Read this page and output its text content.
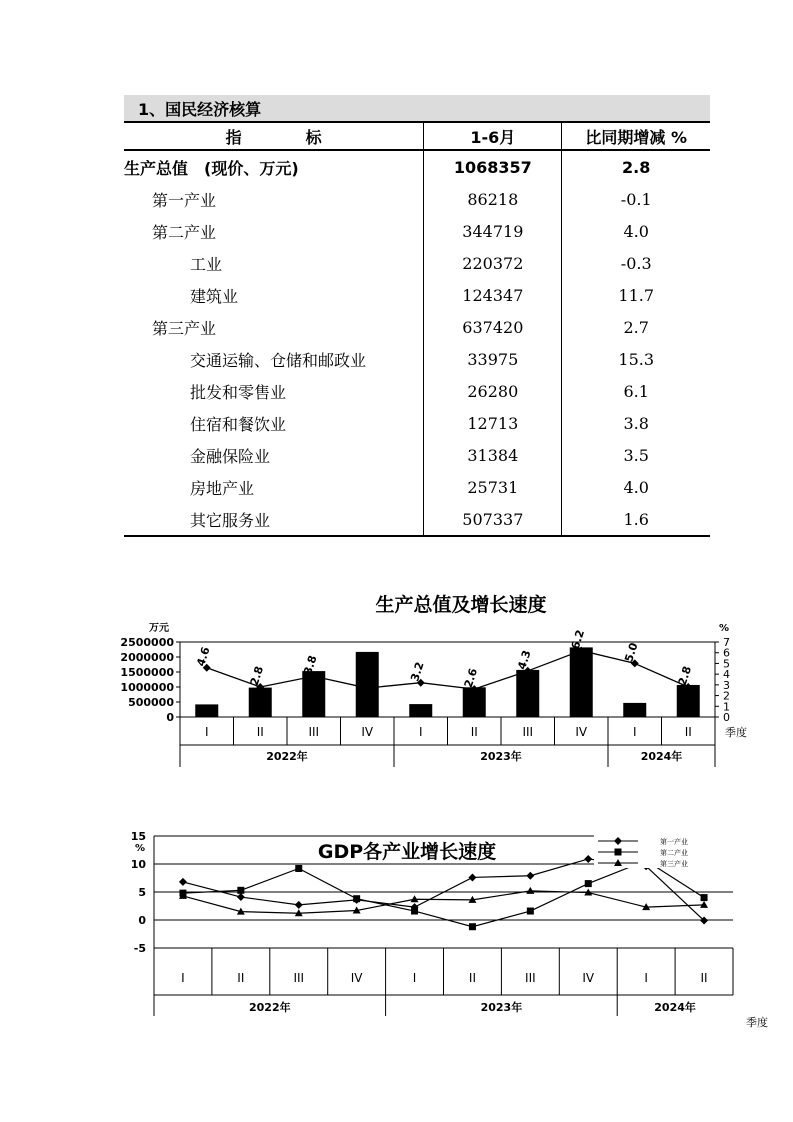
1、国民经济核算
指　　　　标	1-6月	比同期增减 %
生产总值　(现价、万元)	1068357	2.8
第一产业	86218	-0.1
第二产业	344719	4.0
工业	220372	-0.3
建筑业	124347	11.7
第三产业	637420	2.7
交通运输、仓储和邮政业	33975	15.3
批发和零售业	26280	6.1
住宿和餐饮业	12713	3.8
金融保险业	31384	3.5
房地产业	25731	4.0
其它服务业	507337	1.6
生产总值及增长速度
万元	%
2500000
2000000
1500000
1000000
500000
0
7
6
5
4
3
2
1
0
4.6
2.8	3.8
2.7	3.2	2.6
4.3
6.2
5.0
2.8
I	II	III	IV	I	II	III	IV	I	II
2022年	2023年	2024年
季度
15
10
5
0
-5
%	GDP各产业增长速度	第一产业
第二产业
第三产业
I	II	III	IV	I	II	III	IV	I	II
2022年	2023年	2024年
季度
